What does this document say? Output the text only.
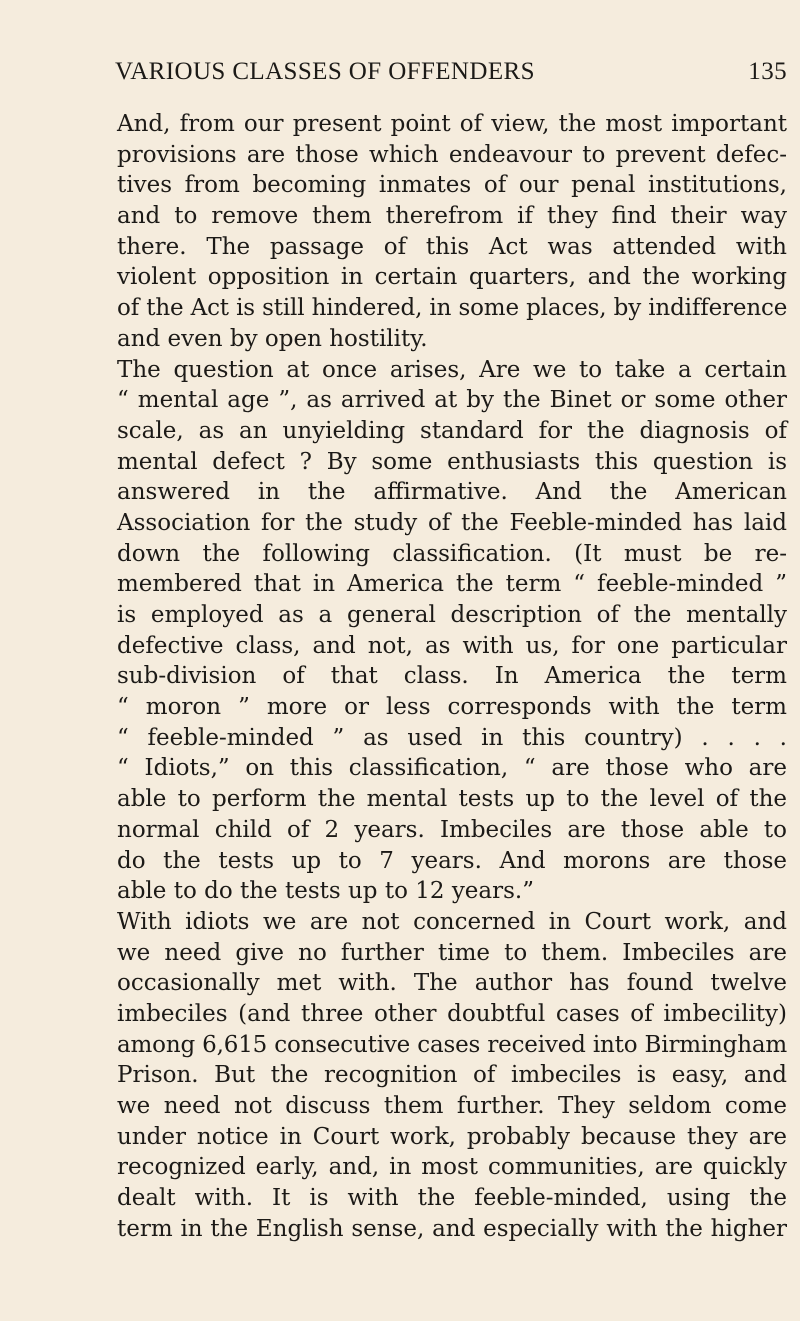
VARIOUS CLASSES OF OFFENDERS	135

And, from our present point of view, the most important
provisions are those which endeavour to prevent defec-
tives from becoming inmates of our penal institutions,
and to remove them therefrom if they find their way
there. The passage of this Act was attended with
violent opposition in certain quarters, and the working
of the Act is still hindered, in some places, by indifference
and even by open hostility.

The question at once arises, Are we to take a certain
“ mental age ”, as arrived at by the Binet or some other
scale, as an unyielding standard for the diagnosis of
mental defect ? By some enthusiasts this question is
answered in the affirmative. And the American
Association for the study of the Feeble-minded has laid
down the following classification. (It must be re-
membered that in America the term “ feeble-minded ”
is employed as a general description of the mentally
defective class, and not, as with us, for one particular
sub-division of that class. In America the term
“ moron ” more or less corresponds with the term
“ feeble-minded ” as used in this country) . . . .
“ Idiots,” on this classification, “ are those who are
able to perform the mental tests up to the level of the
normal child of 2 years. Imbeciles are those able to
do the tests up to 7 years. And morons are those
able to do the tests up to 12 years.”

With idiots we are not concerned in Court work, and
we need give no further time to them. Imbeciles are
occasionally met with. The author has found twelve
imbeciles (and three other doubtful cases of imbecility)
among 6,615 consecutive cases received into Birmingham
Prison. But the recognition of imbeciles is easy, and
we need not discuss them further. They seldom come
under notice in Court work, probably because they are
recognized early, and, in most communities, are quickly
dealt with. It is with the feeble-minded, using the
term in the English sense, and especially with the higher
